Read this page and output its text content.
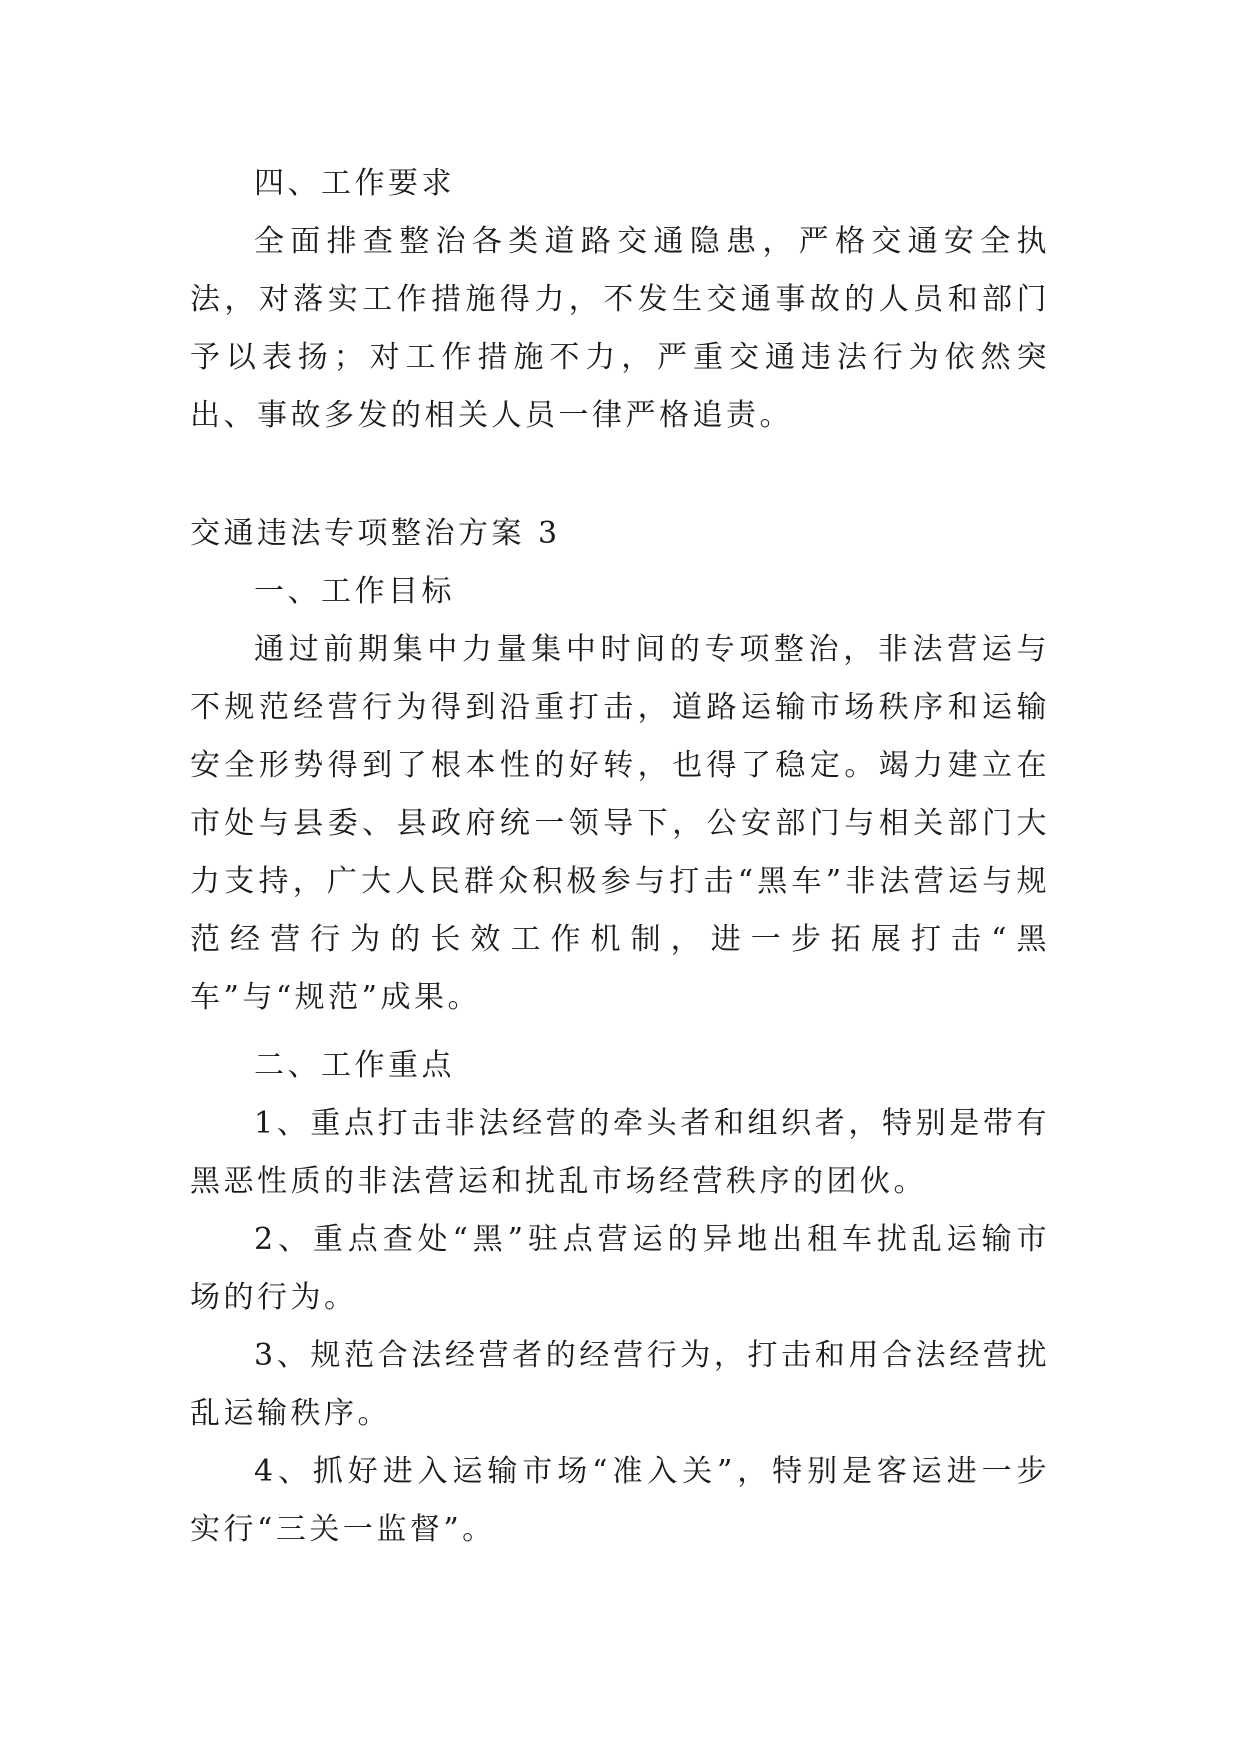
四、工作要求

全面排查整治各类道路交通隐患，严格交通安全执法，对落实工作措施得力，不发生交通事故的人员和部门予以表扬；对工作措施不力，严重交通违法行为依然突出、事故多发的相关人员一律严格追责。

交通违法专项整治方案 3

一、工作目标

通过前期集中力量集中时间的专项整治，非法营运与不规范经营行为得到沿重打击，道路运输市场秩序和运输安全形势得到了根本性的好转，也得了稳定。竭力建立在市处与县委、县政府统一领导下，公安部门与相关部门大力支持，广大人民群众积极参与打击“黑车”非法营运与规范经营行为的长效工作机制，进一步拓展打击“黑车”与“规范”成果。

二、工作重点

1、重点打击非法经营的牵头者和组织者，特别是带有黑恶性质的非法营运和扰乱市场经营秩序的团伙。

2、重点查处“黑”驻点营运的异地出租车扰乱运输市场的行为。

3、规范合法经营者的经营行为，打击和用合法经营扰乱运输秩序。

4、抓好进入运输市场“准入关”，特别是客运进一步实行“三关一监督”。
